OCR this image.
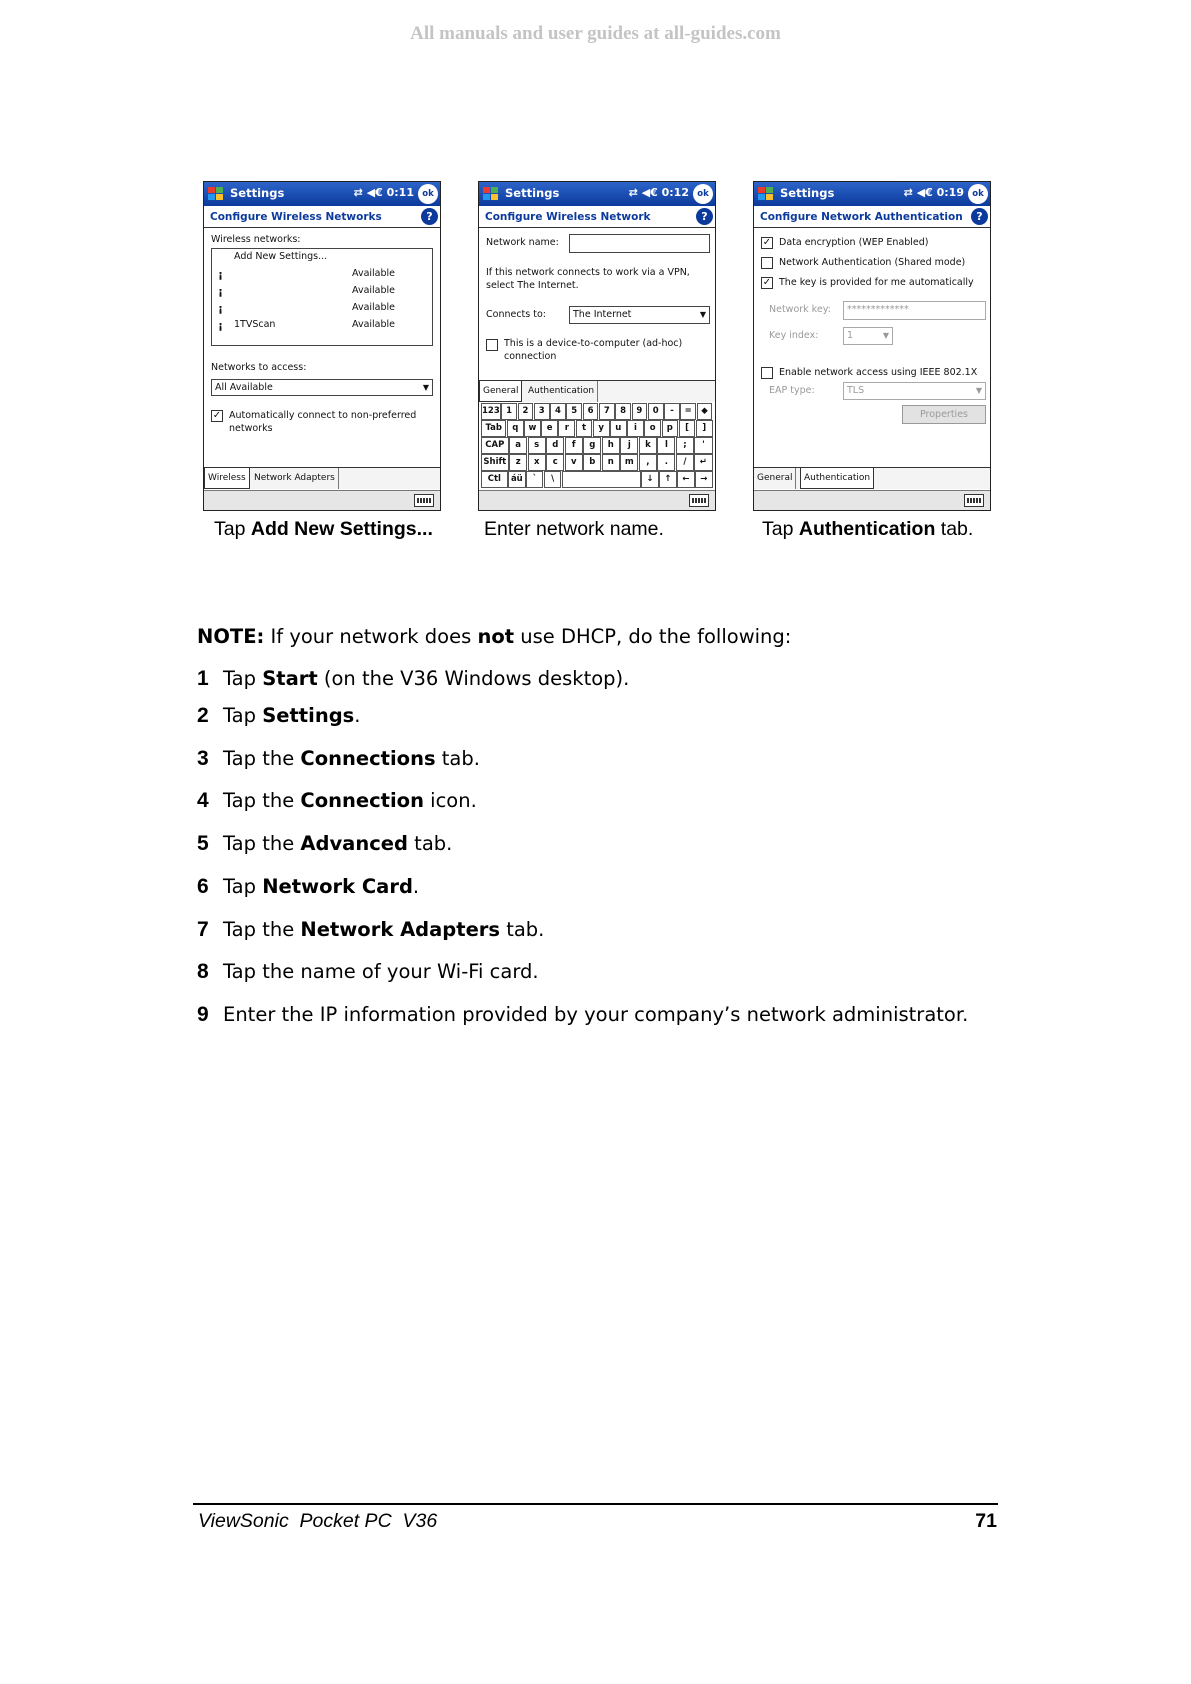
All manuals and user guides at all-guides.com
Settings	⇄ ◀€ 0:11 ok
Configure Wireless Networks	?
Wireless networks:
Add New Settings...
¡	Available
¡	Available
¡	Available
¡ 1TVScan	Available
Networks to access:
All Available	▼
✓ Automatically connect to non-preferred
networks
Wireless Network Adapters
Settings	⇄ ◀€ 0:12 ok
Configure Wireless Network	?
Network name:
If this network connects to work via a VPN,
select The Internet.
Connects to:	The Internet	▼
This is a device-to-computer (ad-hoc)
connection
General	Authentication
123 1	2	3	4	5	6	7	8	9	0	-	=	◆
Tab	q	w	e	r	t	y	u	i	o	p	[	]
CAP	a	s	d	f	g	h	j	k	l	;	'
Shift	z	x	c	v	b	n	m	,	.	/	↵
Ctl	áü	`	\	↓	↑	←	→
Settings	⇄ ◀€ 0:19 ok
Configure Network Authentication	?
✓ Data encryption (WEP Enabled)
Network Authentication (Shared mode)
✓ The key is provided for me automatically
Network key:	*************
Key index:	1	▼
Enable network access using IEEE 802.1X
EAP type:	TLS	▼
Properties
General	Authentication
Tap Add New Settings...	Enter network name.	Tap Authentication tab.
NOTE: If your network does not use DHCP, do the following:
1 Tap Start (on the V36 Windows desktop).
2 Tap Settings.
3 Tap the Connections tab.
4 Tap the Connection icon.
5 Tap the Advanced tab.
6 Tap Network Card.
7 Tap the Network Adapters tab.
8 Tap the name of your Wi-Fi card.
9 Enter the IP information provided by your company’s network administrator.
ViewSonic  Pocket PC  V36	71
